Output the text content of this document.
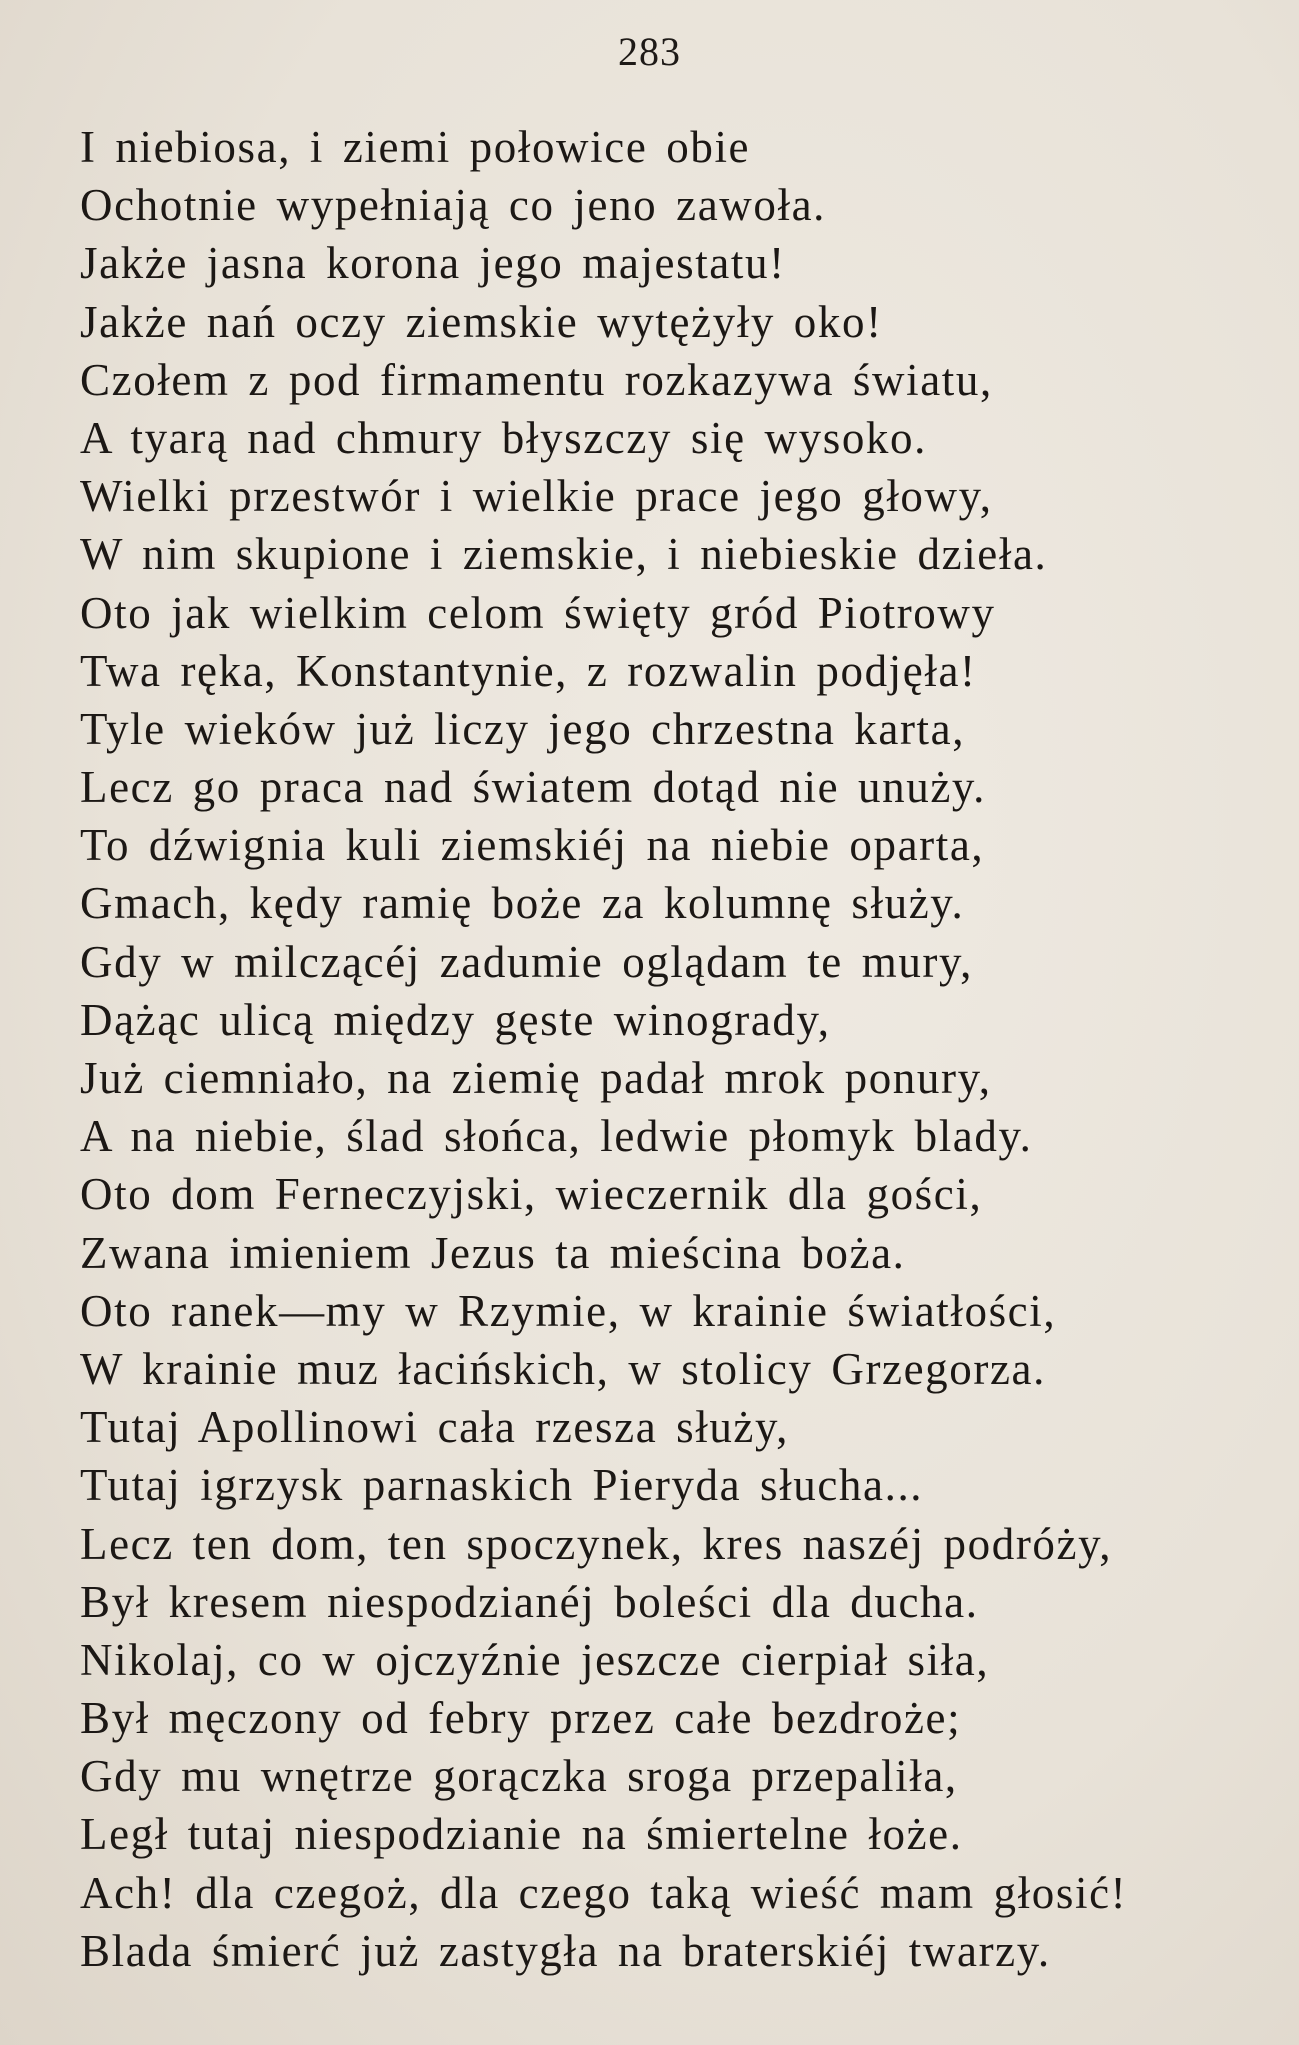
283
I niebiosa, i ziemi połowice obie
Ochotnie wypełniają co jeno zawoła.
Jakże jasna korona jego majestatu!
Jakże nań oczy ziemskie wytężyły oko!
Czołem z pod firmamentu rozkazywa światu,
A tyarą nad chmury błyszczy się wysoko.
Wielki przestwór i wielkie prace jego głowy,
W nim skupione i ziemskie, i niebieskie dzieła.
Oto jak wielkim celom święty gród Piotrowy
Twa ręka, Konstantynie, z rozwalin podjęła!
Tyle wieków już liczy jego chrzestna karta,
Lecz go praca nad światem dotąd nie unuży.
To dźwignia kuli ziemskiéj na niebie oparta,
Gmach, kędy ramię boże za kolumnę służy.
Gdy w milczącéj zadumie oglądam te mury,
Dążąc ulicą między gęste winogrady,
Już ciemniało, na ziemię padał mrok ponury,
A na niebie, ślad słońca, ledwie płomyk blady.
Oto dom Ferneczyjski, wieczernik dla gości,
Zwana imieniem Jezus ta mieścina boża.
Oto ranek—my w Rzymie, w krainie światłości,
W krainie muz łacińskich, w stolicy Grzegorza.
Tutaj Apollinowi cała rzesza służy,
Tutaj igrzysk parnaskich Pieryda słucha...
Lecz ten dom, ten spoczynek, kres naszéj podróży,
Był kresem niespodzianéj boleści dla ducha.
Nikolaj, co w ojczyźnie jeszcze cierpiał siła,
Był męczony od febry przez całe bezdroże;
Gdy mu wnętrze gorączka sroga przepaliła,
Legł tutaj niespodzianie na śmiertelne łoże.
Ach! dla czegoż, dla czego taką wieść mam głosić!
Blada śmierć już zastygła na braterskiéj twarzy.
